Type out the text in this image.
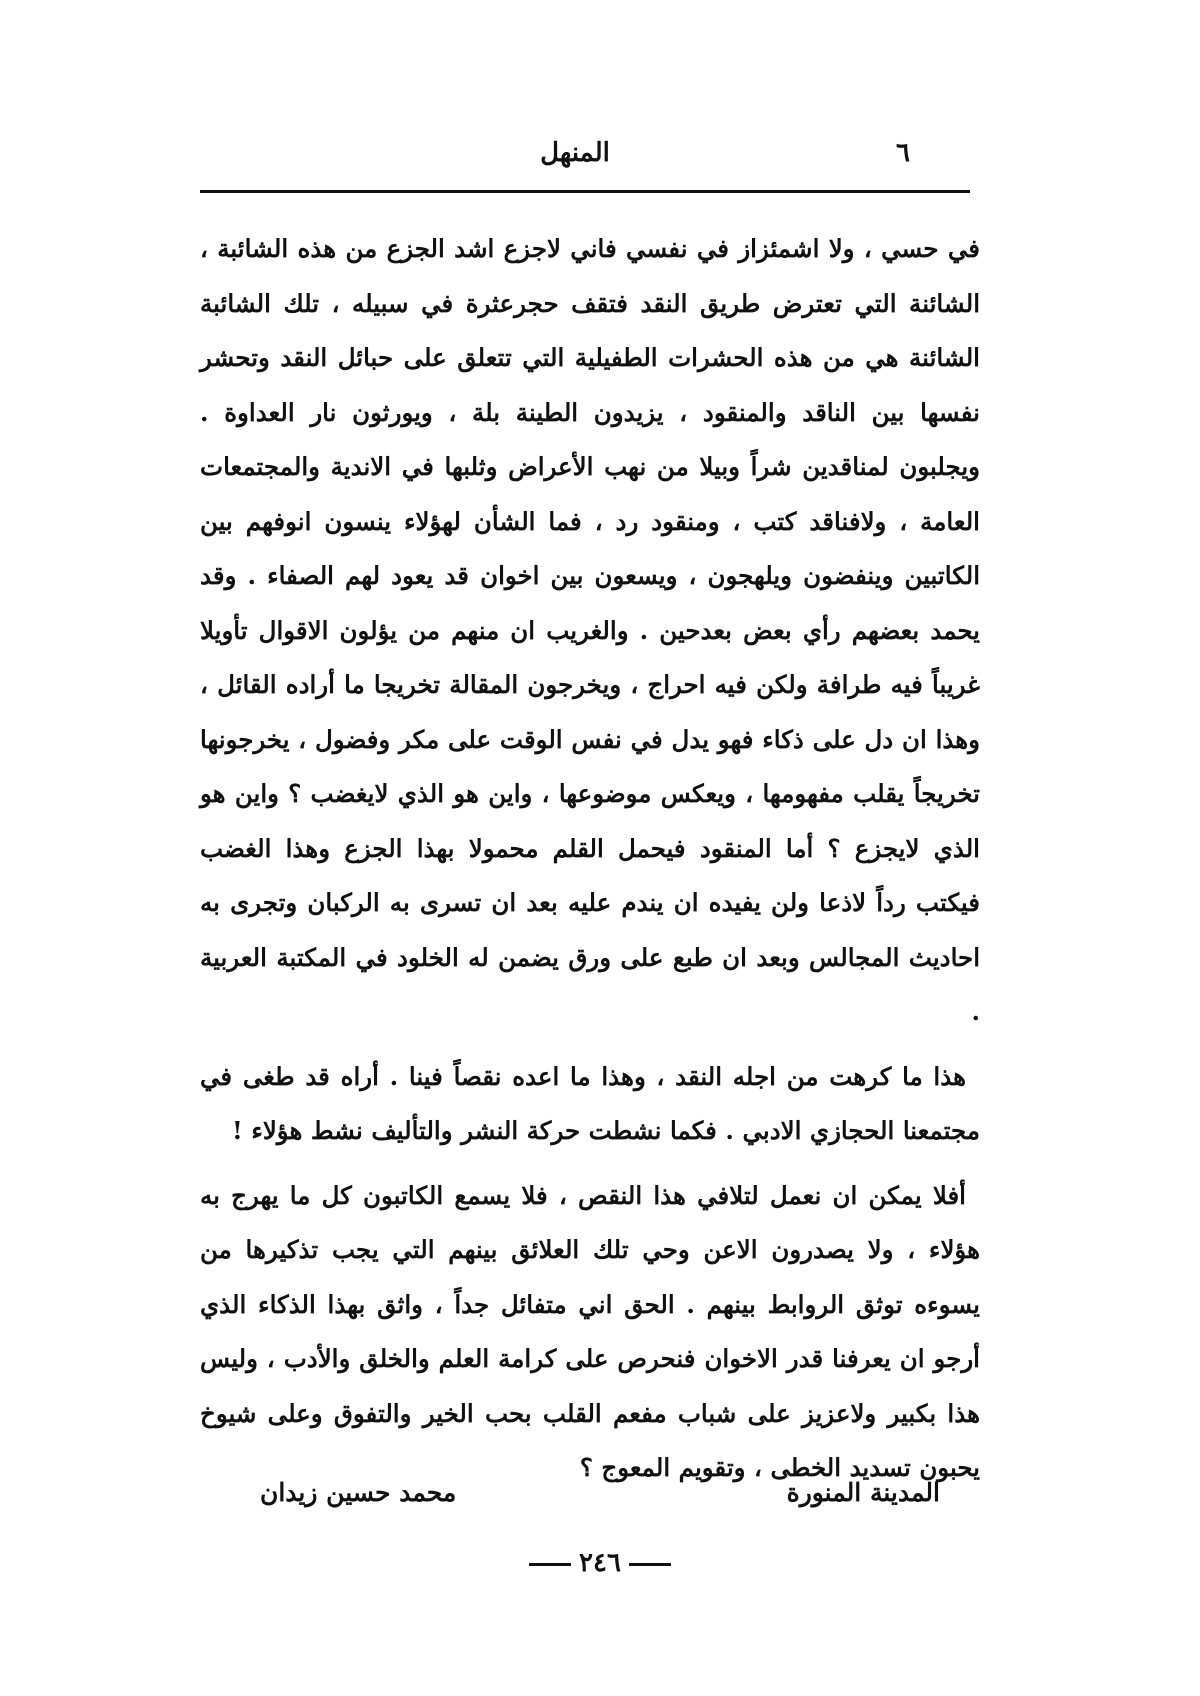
٦
المنهل

في حسي ، ولا اشمئزاز في نفسي فاني لاجزع اشد الجزع من هذه الشائبة ، الشائنة التي تعترض طريق النقد فتقف حجرعثرة في سبيله ، تلك الشائبة الشائنة هي من هذه الحشرات الطفيلية التي تتعلق على حبائل النقد وتحشر نفسها بين الناقد والمنقود ، يزيدون الطينة بلة ، ويورثون نار العداوة . ويجلبون لمناقدين شراً وبيلا من نهب الأعراض وثلبها في الاندية والمجتمعات العامة ، ولافناقد كتب ، ومنقود رد ، فما الشأن لهؤلاء ينسون انوفهم بين الكاتبين وينفضون ويلهجون ، ويسعون بين اخوان قد يعود لهم الصفاء . وقد يحمد بعضهم رأي بعض بعدحين . والغريب ان منهم من يؤلون الاقوال تأويلا غريباً فيه طرافة ولكن فيه احراج ، ويخرجون المقالة تخريجا ما أراده القائل ، وهذا ان دل على ذكاء فهو يدل في نفس الوقت على مكر وفضول ، يخرجونها تخريجاً يقلب مفهومها ، ويعكس موضوعها ، واين هو الذي لايغضب ؟ واين هو الذي لايجزع ؟ أما المنقود فيحمل القلم محمولا بهذا الجزع وهذا الغضب فيكتب رداً لاذعا ولن يفيده ان يندم عليه بعد ان تسرى به الركبان وتجرى به احاديث المجالس وبعد ان طبع على ورق يضمن له الخلود في المكتبة العربية .

هذا ما كرهت من اجله النقد ، وهذا ما اعده نقصاً فينا . أراه قد طغى في مجتمعنا الحجازي الادبي . فكما نشطت حركة النشر والتأليف نشط هؤلاء !

أفلا يمكن ان نعمل لتلافي هذا النقص ، فلا يسمع الكاتبون كل ما يهرج به هؤلاء ، ولا يصدرون الاعن وحي تلك العلائق بينهم التي يجب تذكيرها من يسوءه توثق الروابط بينهم . الحق اني متفائل جداً ، واثق بهذا الذكاء الذي أرجو ان يعرفنا قدر الاخوان فنحرص على كرامة العلم والخلق والأدب ، وليس هذا بكبير ولاعزيز على شباب مفعم القلب بحب الخير والتفوق وعلى شيوخ يحبون تسديد الخطى ، وتقويم المعوج ؟

المدينة المنورة
محمد حسين زيدان
٢٤٦
